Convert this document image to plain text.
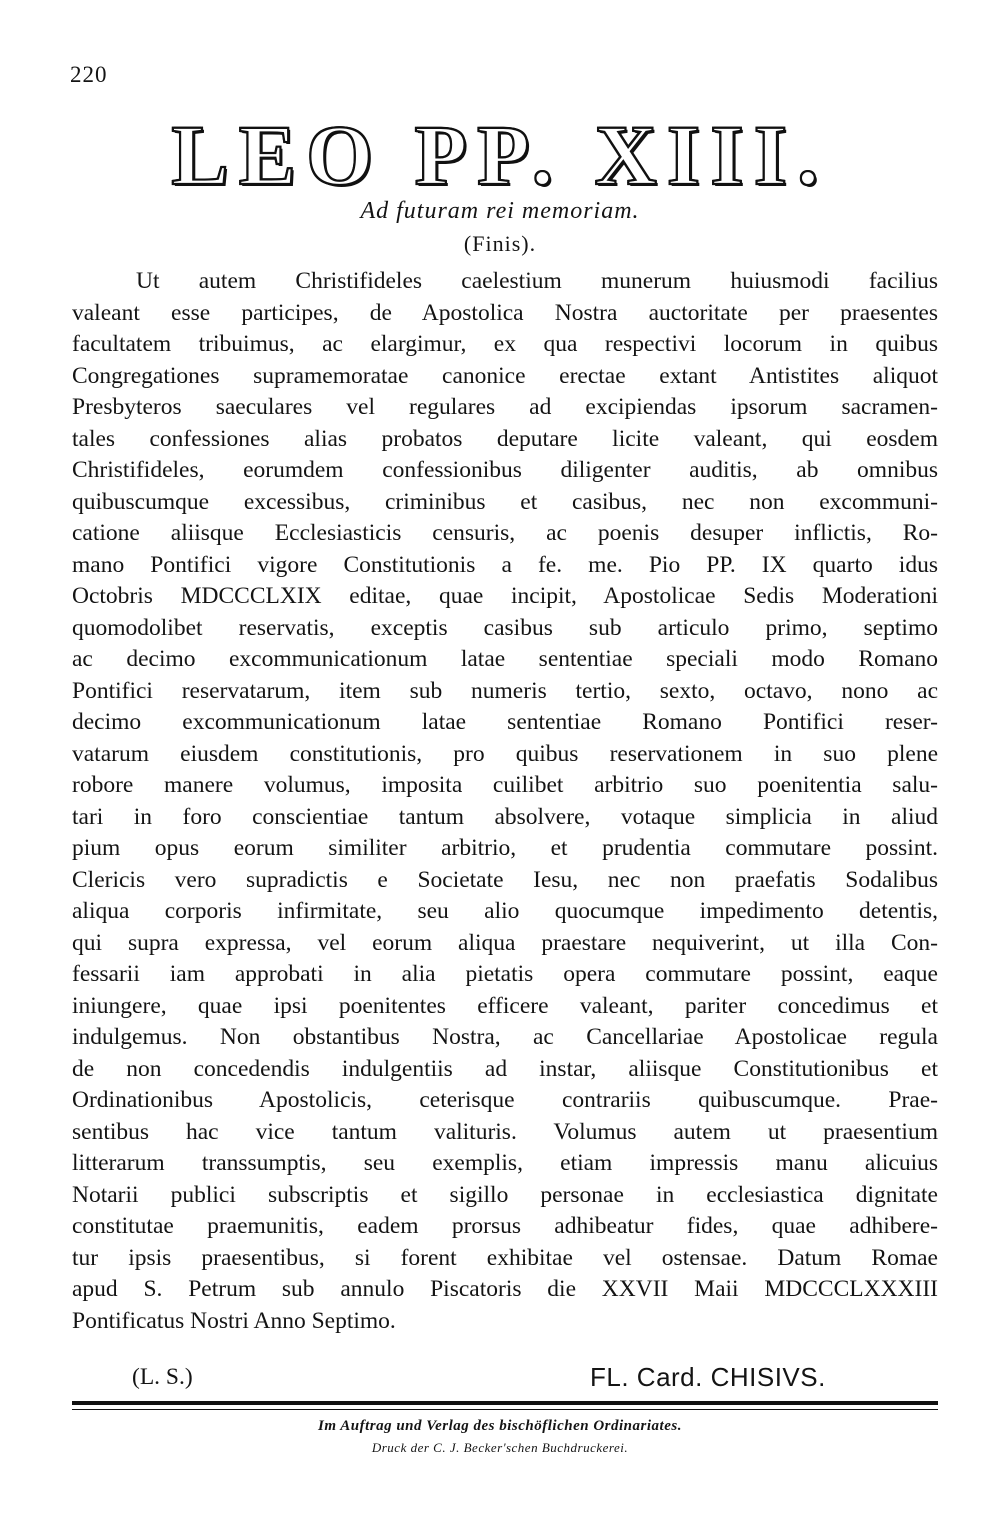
220
LEO PP. XIII.
Ad futuram rei memoriam.
(Finis).
Ut autem Christifideles caelestium munerum huiusmodi facilius
valeant esse participes, de Apostolica Nostra auctoritate per praesentes
facultatem tribuimus, ac elargimur, ex qua respectivi locorum in quibus
Congregationes supramemoratae canonice erectae extant Antistites aliquot
Presbyteros saeculares vel regulares ad excipiendas ipsorum sacramen-
tales confessiones alias probatos deputare licite valeant, qui eosdem
Christifideles, eorumdem confessionibus diligenter auditis, ab omnibus
quibuscumque excessibus, criminibus et casibus, nec non excommuni-
catione aliisque Ecclesiasticis censuris, ac poenis desuper inflictis, Ro-
mano Pontifici vigore Constitutionis a fe. me. Pio PP. IX quarto idus
Octobris MDCCCLXIX editae, quae incipit, Apostolicae Sedis Moderationi
quomodolibet reservatis, exceptis casibus sub articulo primo, septimo
ac decimo excommunicationum latae sententiae speciali modo Romano
Pontifici reservatarum, item sub numeris tertio, sexto, octavo, nono ac
decimo excommunicationum latae sententiae Romano Pontifici reser-
vatarum eiusdem constitutionis, pro quibus reservationem in suo plene
robore manere volumus, imposita cuilibet arbitrio suo poenitentia salu-
tari in foro conscientiae tantum absolvere, votaque simplicia in aliud
pium opus eorum similiter arbitrio, et prudentia commutare possint.
Clericis vero supradictis e Societate Iesu, nec non praefatis Sodalibus
aliqua corporis infirmitate, seu alio quocumque impedimento detentis,
qui supra expressa, vel eorum aliqua praestare nequiverint, ut illa Con-
fessarii iam approbati in alia pietatis opera commutare possint, eaque
iniungere, quae ipsi poenitentes efficere valeant, pariter concedimus et
indulgemus. Non obstantibus Nostra, ac Cancellariae Apostolicae regula
de non concedendis indulgentiis ad instar, aliisque Constitutionibus et
Ordinationibus Apostolicis, ceterisque contrariis quibuscumque. Prae-
sentibus hac vice tantum valituris. Volumus autem ut praesentium
litterarum transsumptis, seu exemplis, etiam impressis manu alicuius
Notarii publici subscriptis et sigillo personae in ecclesiastica dignitate
constitutae praemunitis, eadem prorsus adhibeatur fides, quae adhibere-
tur ipsis praesentibus, si forent exhibitae vel ostensae. Datum Romae
apud S. Petrum sub annulo Piscatoris die XXVII Maii MDCCCLXXXIII
Pontificatus Nostri Anno Septimo.
(L. S.)	FL. Card. CHISIVS.
Im Auftrag und Verlag des bischöflichen Ordinariates.
Druck der C. J. Becker'schen Buchdruckerei.
